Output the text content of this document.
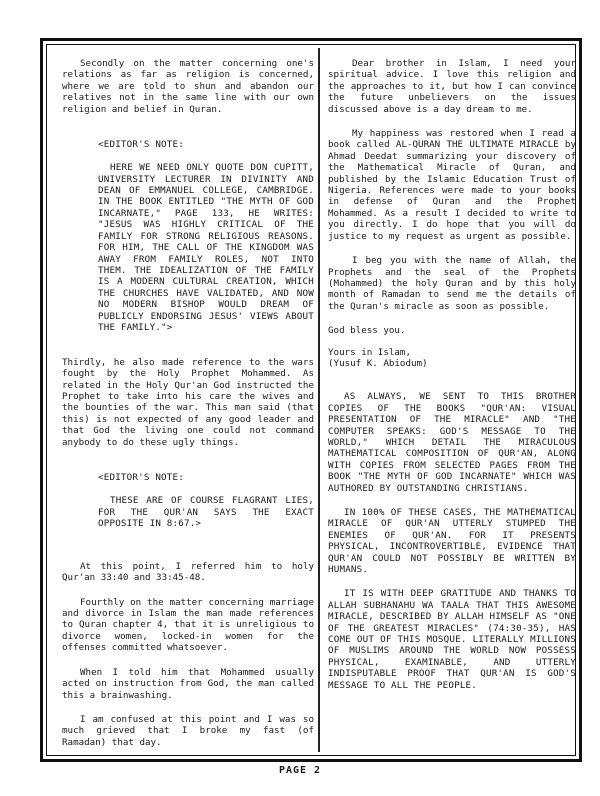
Secondly on the matter concerning one's relations as far as religion is concerned, where we are told to shun and abandon our relatives not in the same line with our own religion and belief in Quran.

<EDITOR'S NOTE:

HERE WE NEED ONLY QUOTE DON CUPITT, UNIVERSITY LECTURER IN DIVINITY AND DEAN OF EMMANUEL COLLEGE, CAMBRIDGE. IN THE BOOK ENTITLED "THE MYTH OF GOD INCARNATE," PAGE 133, HE WRITES: "JESUS WAS HIGHLY CRITICAL OF THE FAMILY FOR STRONG RELIGIOUS REASONS. FOR HIM, THE CALL OF THE KINGDOM WAS AWAY FROM FAMILY ROLES, NOT INTO THEM. THE IDEALIZATION OF THE FAMILY IS A MODERN CULTURAL CREATION, WHICH THE CHURCHES HAVE VALIDATED, AND NOW NO MODERN BISHOP WOULD DREAM OF PUBLICLY ENDORSING JESUS' VIEWS ABOUT THE FAMILY.">

Thirdly, he also made reference to the wars fought by the Holy Prophet Mohammed. As related in the Holy Qur'an God instructed the Prophet to take into his care the wives and the bounties of the war. This man said (that this) is not expected of any good leader and that God the living one could not command anybody to do these ugly things.

<EDITOR'S NOTE:

THESE ARE OF COURSE FLAGRANT LIES, FOR THE QUR'AN SAYS THE EXACT OPPOSITE IN 8:67.>

At this point, I referred him to holy Qur'an 33:40 and 33:45-48.

Fourthly on the matter concerning marriage and divorce in Islam the man made references to Quran chapter 4, that it is unreligious to divorce women, locked-in women for the offenses committed whatsoever.

When I told him that Mohammed usually acted on instruction from God, the man called this a brainwashing.

I am confused at this point and I was so much grieved that I broke my fast (of Ramadan) that day.

Dear brother in Islam, I need your spiritual advice. I love this religion and the approaches to it, but how I can convince the future unbelievers on the issues discussed above is a day dream to me.

My happiness was restored when I read a book called AL-QURAN THE ULTIMATE MIRACLE by Ahmad Deedat summarizing your discovery of the Mathematical Miracle of Quran, and published by the Islamic Education Trust of Nigeria. References were made to your books in defense of Quran and the Prophet Mohammed. As a result I decided to write to you directly. I do hope that you will do justice to my request as urgent as possible.

I beg you with the name of Allah, the Prophets and the seal of the Prophets (Mohammed) the holy Quran and by this holy month of Ramadan to send me the details of the Quran's miracle as soon as possible.

God bless you.

Yours in Islam,

(Yusuf K. Abiodum)

AS ALWAYS, WE SENT TO THIS BROTHER COPIES OF THE BOOKS "QUR'AN: VISUAL PRESENTATION OF THE MIRACLE" AND "THE COMPUTER SPEAKS: GOD'S MESSAGE TO THE WORLD," WHICH DETAIL THE MIRACULOUS MATHEMATICAL COMPOSITION OF QUR'AN, ALONG WITH COPIES FROM SELECTED PAGES FROM THE BOOK "THE MYTH OF GOD INCARNATE" WHICH WAS AUTHORED BY OUTSTANDING CHRISTIANS.

IN 100% OF THESE CASES, THE MATHEMATICAL MIRACLE OF QUR'AN UTTERLY STUMPED THE ENEMIES OF QUR'AN. FOR IT PRESENTS PHYSICAL, INCONTROVERTIBLE, EVIDENCE THAT QUR'AN COULD NOT POSSIBLY BE WRITTEN BY HUMANS.

IT IS WITH DEEP GRATITUDE AND THANKS TO ALLAH SUBHANAHU WA TAALA THAT THIS AWESOME MIRACLE, DESCRIBED BY ALLAH HIMSELF AS "ONE OF THE GREATEST MIRACLES" (74:30-35), HAS COME OUT OF THIS MOSQUE. LITERALLY MILLIONS OF MUSLIMS AROUND THE WORLD NOW POSSESS PHYSICAL, EXAMINABLE, AND UTTERLY INDISPUTABLE PROOF THAT QUR'AN IS GOD'S MESSAGE TO ALL THE PEOPLE.

PAGE 2
